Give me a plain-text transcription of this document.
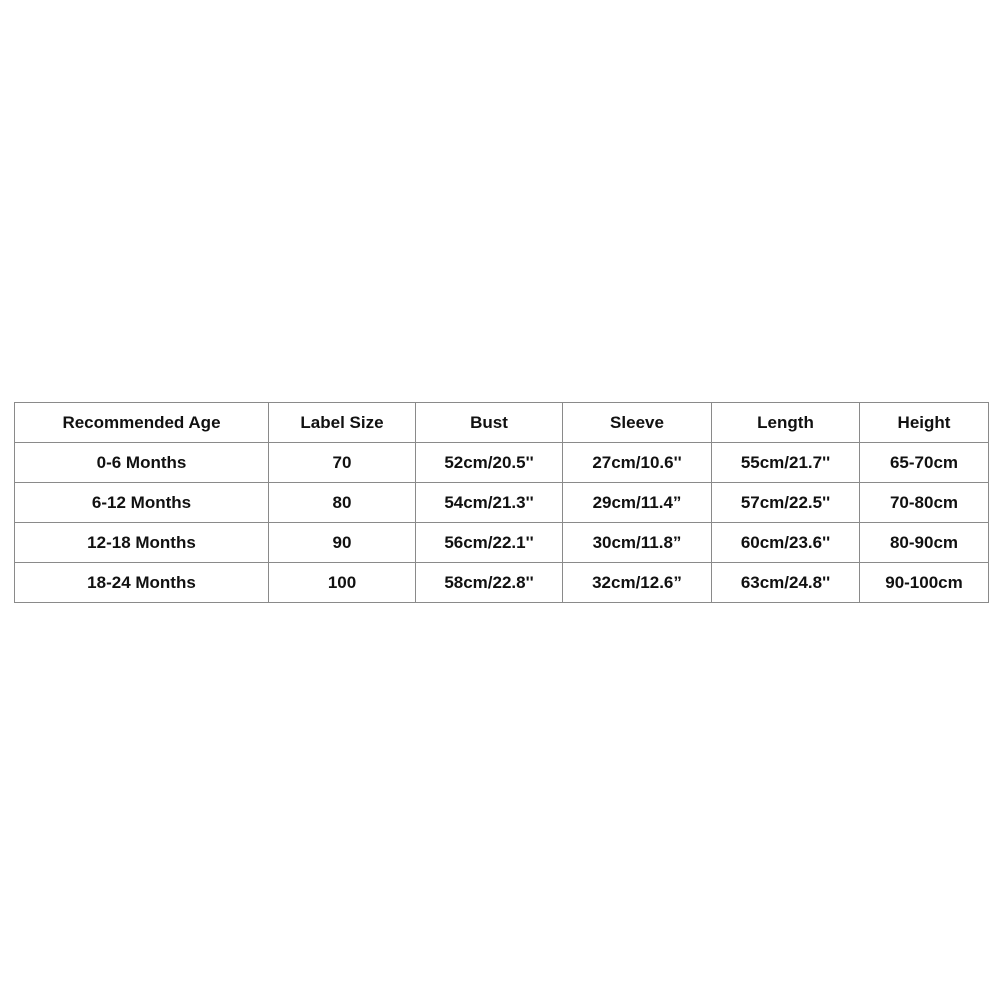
Recommended Age	Label Size	Bust	Sleeve	Length	Height
0-6 Months	70	52cm/20.5''	27cm/10.6''	55cm/21.7''	65-70cm
6-12 Months	80	54cm/21.3''	29cm/11.4”	57cm/22.5''	70-80cm
12-18 Months	90	56cm/22.1''	30cm/11.8”	60cm/23.6''	80-90cm
18-24 Months	100	58cm/22.8''	32cm/12.6”	63cm/24.8''	90-100cm
